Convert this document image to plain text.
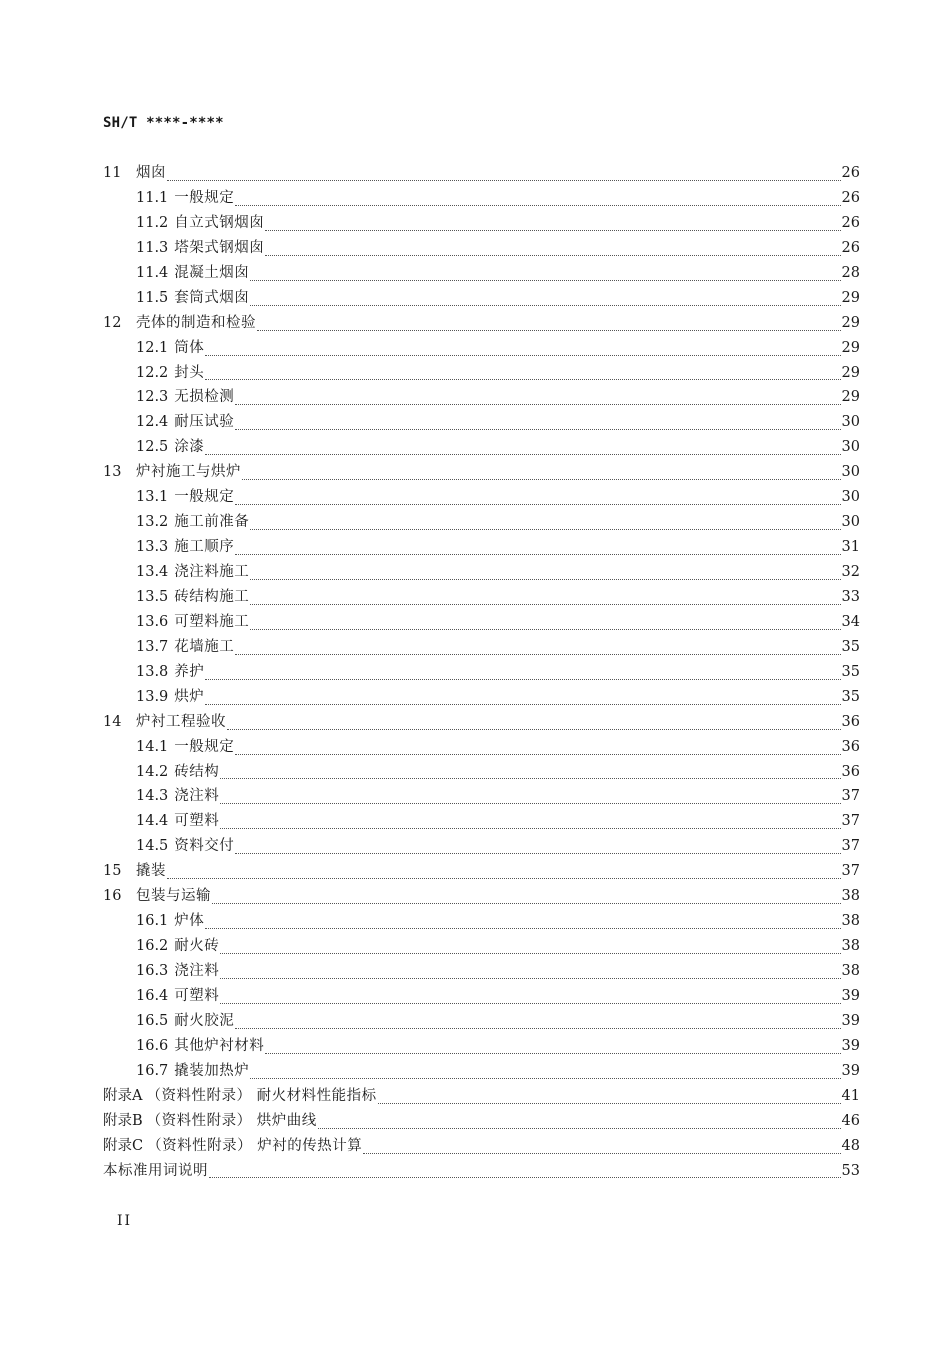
SH/T ****-****
11	烟囱	26
11.1 一般规定	26
11.2 自立式钢烟囱	26
11.3 塔架式钢烟囱	26
11.4 混凝土烟囱	28
11.5 套筒式烟囱	29
12	壳体的制造和检验	29
12.1 筒体	29
12.2 封头	29
12.3 无损检测	29
12.4 耐压试验	30
12.5 涂漆	30
13	炉衬施工与烘炉	30
13.1 一般规定	30
13.2 施工前准备	30
13.3 施工顺序	31
13.4 浇注料施工	32
13.5 砖结构施工	33
13.6 可塑料施工	34
13.7 花墙施工	35
13.8 养护	35
13.9 烘炉	35
14	炉衬工程验收	36
14.1 一般规定	36
14.2 砖结构	36
14.3 浇注料	37
14.4 可塑料	37
14.5 资料交付	37
15	撬装	37
16	包装与运输	38
16.1 炉体	38
16.2 耐火砖	38
16.3 浇注料	38
16.4 可塑料	39
16.5 耐火胶泥	39
16.6 其他炉衬材料	39
16.7 撬装加热炉	39
附录A （资料性附录） 耐火材料性能指标	41
附录B （资料性附录） 烘炉曲线	46
附录C （资料性附录） 炉衬的传热计算	48
本标准用词说明	53
II
